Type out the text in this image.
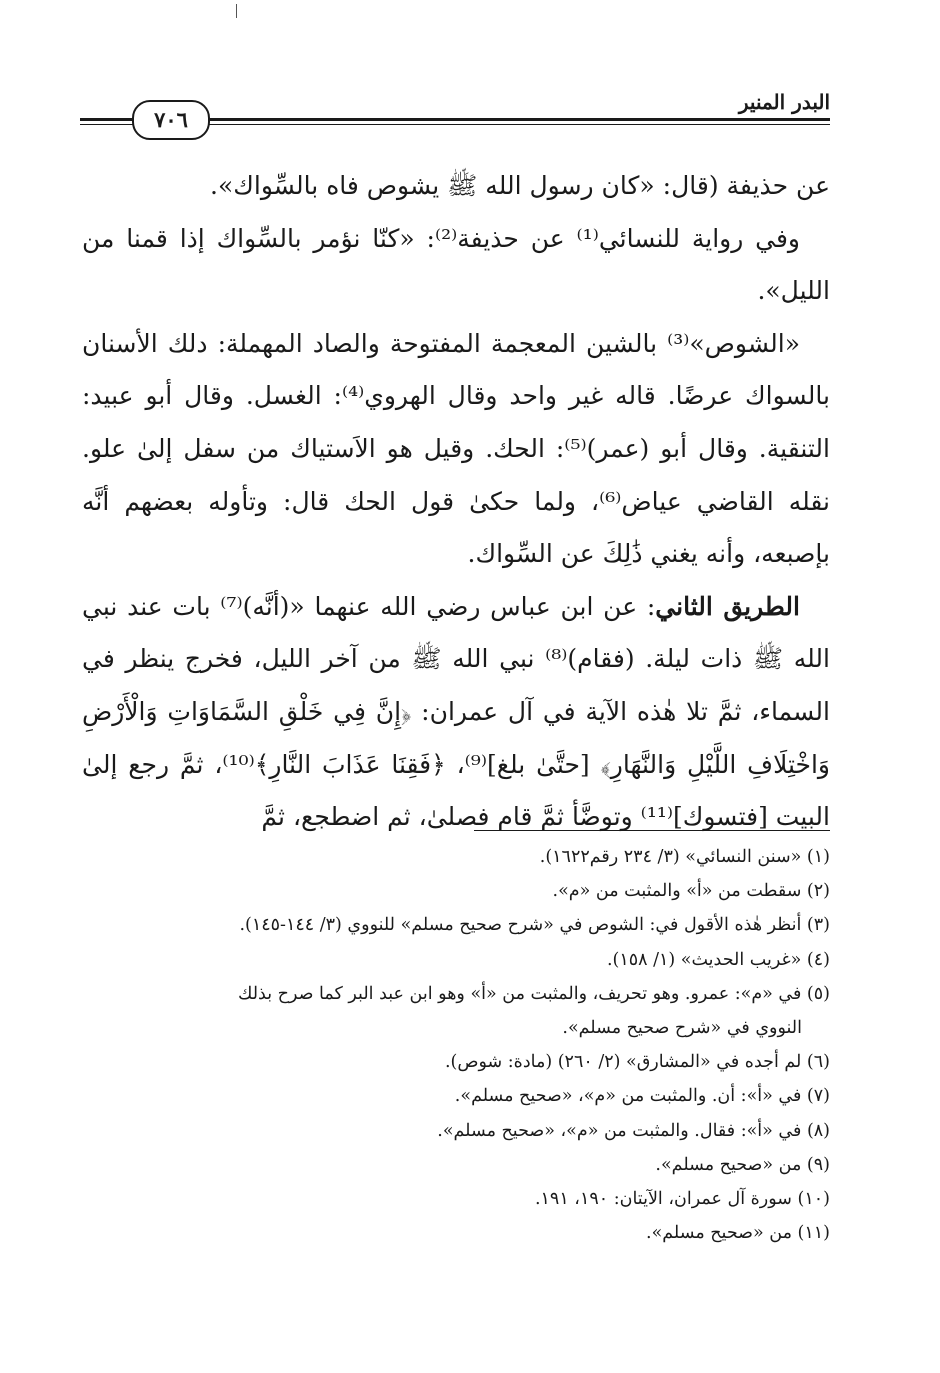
البدر المنير
٧٠٦

عن حذيفة (قال: «كان رسول الله ﷺ يشوص فاه بالسِّواك».

وفي رواية للنسائي⁽¹⁾ عن حذيفة⁽²⁾: «كنّا نؤمر بالسِّواك إذا قمنا من الليل».

«الشوص»⁽³⁾ بالشين المعجمة المفتوحة والصاد المهملة: دلك الأسنان بالسواك عرضًا. قاله غير واحد وقال الهروي⁽⁴⁾: الغسل. وقال أبو عبيد: التنقية. وقال أبو (عمر)⁽⁵⁾: الحك. وقيل هو الاَستياك من سفل إلىٰ علو. نقله القاضي عياض⁽⁶⁾، ولما حكىٰ قول الحك قال: وتأوله بعضهم أنَّه بإصبعه، وأنه يغني ذَٰلِكَ عن السِّواك.

الطريق الثاني: عن ابن عباس رضي الله عنهما «(أنَّه)⁽⁷⁾ بات عند نبي الله ﷺ ذات ليلة. (فقام)⁽⁸⁾ نبي الله ﷺ من آخر الليل، فخرج ينظر في السماء، ثمَّ تلا هٰذه الآية في آل عمران: ﴿إِنَّ فِي خَلْقِ السَّمَاوَاتِ وَالْأَرْضِ وَاخْتِلَافِ اللَّيْلِ وَالنَّهَارِ﴾ [حتَّىٰ بلغ]⁽⁹⁾، ﴿فَقِنَا عَذَابَ النَّارِ﴾⁽¹⁰⁾، ثمَّ رجع إلىٰ البيت [فتسوك]⁽¹¹⁾ وتوضَّأ ثمَّ قام فصلىٰ، ثم اضطجع، ثمَّ

(١) «سنن النسائي» (٣/ ٢٣٤ رقم١٦٢٢).
(٢) سقطت من «أ» والمثبت من «م».
(٣) أنظر هٰذه الأقول في: الشوص في «شرح صحيح مسلم» للنووي (٣/ ١٤٤-١٤٥).
(٤) «غريب الحديث» (١/ ١٥٨).
(٥) في «م»: عمرو. وهو تحريف، والمثبت من «أ» وهو ابن عبد البر كما صرح بذلك
النووي في «شرح صحيح مسلم».
(٦) لم أجده في «المشارق» (٢/ ٢٦٠) (مادة: شوص).
(٧) في «أ»: أن. والمثبت من «م»، «صحيح مسلم».
(٨) في «أ»: فقال. والمثبت من «م»، «صحيح مسلم».
(٩) من «صحيح مسلم».
(١٠) سورة آل عمران، الآيتان: ١٩٠، ١٩١.
(١١) من «صحيح مسلم».
